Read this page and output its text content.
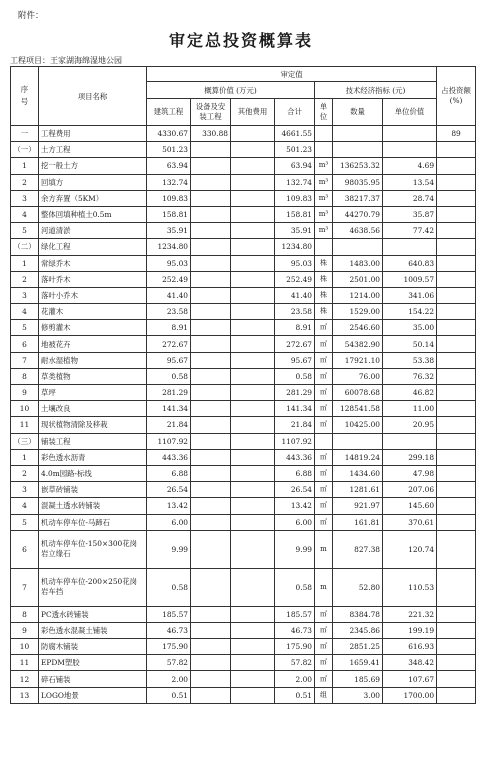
附件：
审定总投资概算表
工程项目：王家湖海绵湿地公园
序
号	项目名称	审定值							占投资额(%)
		概算价值 (万元)				技术经济指标 (元)			
		建筑工程	设备及安装工程	其他费用	合计	单位	数量	单位价值	
一	工程费用	4330.67	330.88		4661.55				89
（一）	土方工程	501.23			501.23				
1	挖一般土方	63.94			63.94	m³	136253.32	4.69	
2	回填方	132.74			132.74	m³	98035.95	13.54	
3	余方弃置（5KM）	109.83			109.83	m³	38217.37	28.74	
4	整体回填种植土0.5m	158.81			158.81	m³	44270.79	35.87	
5	河道清淤	35.91			35.91	m³	4638.56	77.42	
（二）	绿化工程	1234.80			1234.80				
1	常绿乔木	95.03			95.03	株	1483.00	640.83	
2	落叶乔木	252.49			252.49	株	2501.00	1009.57	
3	落叶小乔木	41.40			41.40	株	1214.00	341.06	
4	花灌木	23.58			23.58	株	1529.00	154.22	
5	修剪灌木	8.91			8.91	㎡	2546.60	35.00	
6	地被花卉	272.67			272.67	㎡	54382.90	50.14	
7	耐水湿植物	95.67			95.67	㎡	17921.10	53.38	
8	草类植物	0.58			0.58	㎡	76.00	76.32	
9	草坪	281.29			281.29	㎡	60078.68	46.82	
10	土壤改良	141.34			141.34	㎡	128541.58	11.00	
11	现状植物清除及移栽	21.84			21.84	㎡	10425.00	20.95	
（三）	铺装工程	1107.92			1107.92				
1	彩色透水沥青	443.36			443.36	㎡	14819.24	299.18	
2	4.0m园路-标线	6.88			6.88	㎡	1434.60	47.98	
3	嵌草砖铺装	26.54			26.54	㎡	1281.61	207.06	
4	混凝土透水砖铺装	13.42			13.42	㎡	921.97	145.60	
5	机动车停车位-马蹄石	6.00			6.00	㎡	161.81	370.61	
6	机动车停车位-150×300花岗岩立缘石	9.99			9.99	m	827.38	120.74	
7	机动车停车位-200×250花岗岩车挡	0.58			0.58	m	52.80	110.53	
8	PC透水砖铺装	185.57			185.57	㎡	8384.78	221.32	
9	彩色透水混凝土铺装	46.73			46.73	㎡	2345.86	199.19	
10	防腐木铺装	175.90			175.90	㎡	2851.25	616.93	
11	EPDM塑胶	57.82			57.82	㎡	1659.41	348.42	
12	碎石铺装	2.00			2.00	㎡	185.69	107.67	
13	LOGO地景	0.51			0.51	组	3.00	1700.00	
